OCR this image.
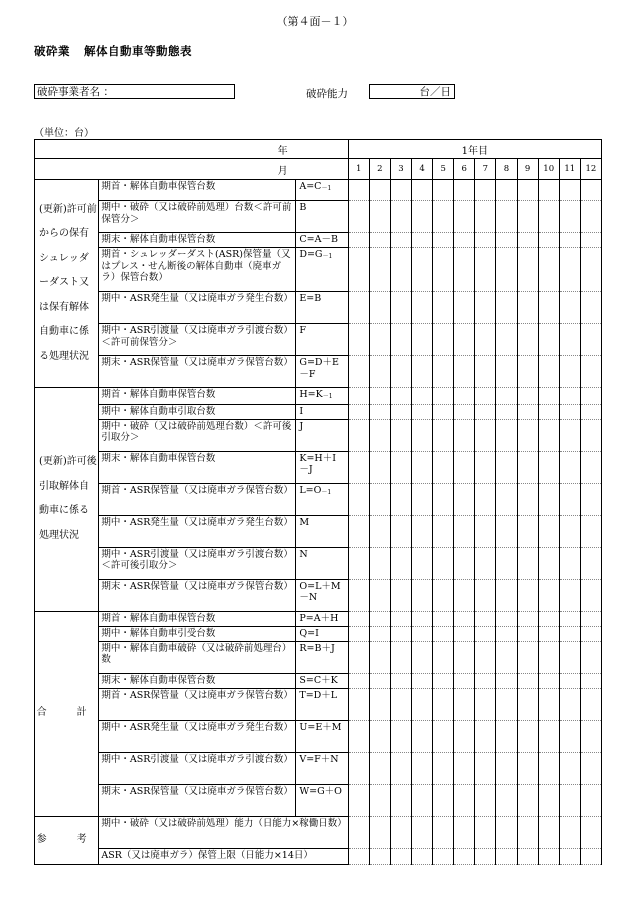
（第４面－１）
破砕業 解体自動車等動態表
破砕事業者名 ：	破砕能力	台／日
（単位：台）
年			1年目											
月			1	2	3	4	5	6	7	8	9	10	11	12
(更新)許可前からの保有シュレッダーダスト又は保有解体自動車に係る処理状況	期首・解体自動車保管台数	$A=C_{-1}$												
	期中・破砕（又は破砕前処理）台数＜許可前保管分＞	B												
	期末・解体自動車保管台数	C=A－B												
	期首・シュレッダーダスト(ASR)保管量（又はプレス・せん断後の解体自動車（廃車ガラ）保管台数）	$D=G_{-1}$												
	期中・ASR発生量（又は廃車ガラ発生台数）	E=B												
	期中・ASR引渡量（又は廃車ガラ引渡台数）＜許可前保管分＞	F												
	期末・ASR保管量（又は廃車ガラ保管台数）	G=D＋E－F												
(更新)許可後引取解体自動車に係る処理状況	期首・解体自動車保管台数	$H=K_{-1}$												
	期中・解体自動車引取台数	I												
	期中・破砕（又は破砕前処理台数）＜許可後引取分＞	J												
	期末・解体自動車保管台数	K=H＋I－J												
	期首・ASR保管量（又は廃車ガラ保管台数）	$L=O_{-1}$												
	期中・ASR発生量（又は廃車ガラ発生台数）	M												
	期中・ASR引渡量（又は廃車ガラ引渡台数）＜許可後引取分＞	N												
	期末・ASR保管量（又は廃車ガラ保管台数）	O=L＋M－N												
合　計	期首・解体自動車保管台数	P=A＋H												
	期中・解体自動車引受台数	Q=I												
	期中・解体自動車破砕（又は破砕前処理台）数	R=B＋J												
	期末・解体自動車保管台数	S=C＋K												
	期首・ASR保管量（又は廃車ガラ保管台数）	T=D＋L												
	期中・ASR発生量（又は廃車ガラ発生台数）	U=E＋M												
	期中・ASR引渡量（又は廃車ガラ引渡台数）	V=F＋N												
	期末・ASR保管量（又は廃車ガラ保管台数）	W=G＋O												
参　考	期中・破砕（又は破砕前処理）能力（日能力×稼働日数）													
	ASR（又は廃車ガラ）保管上限（日能力×14日）													
